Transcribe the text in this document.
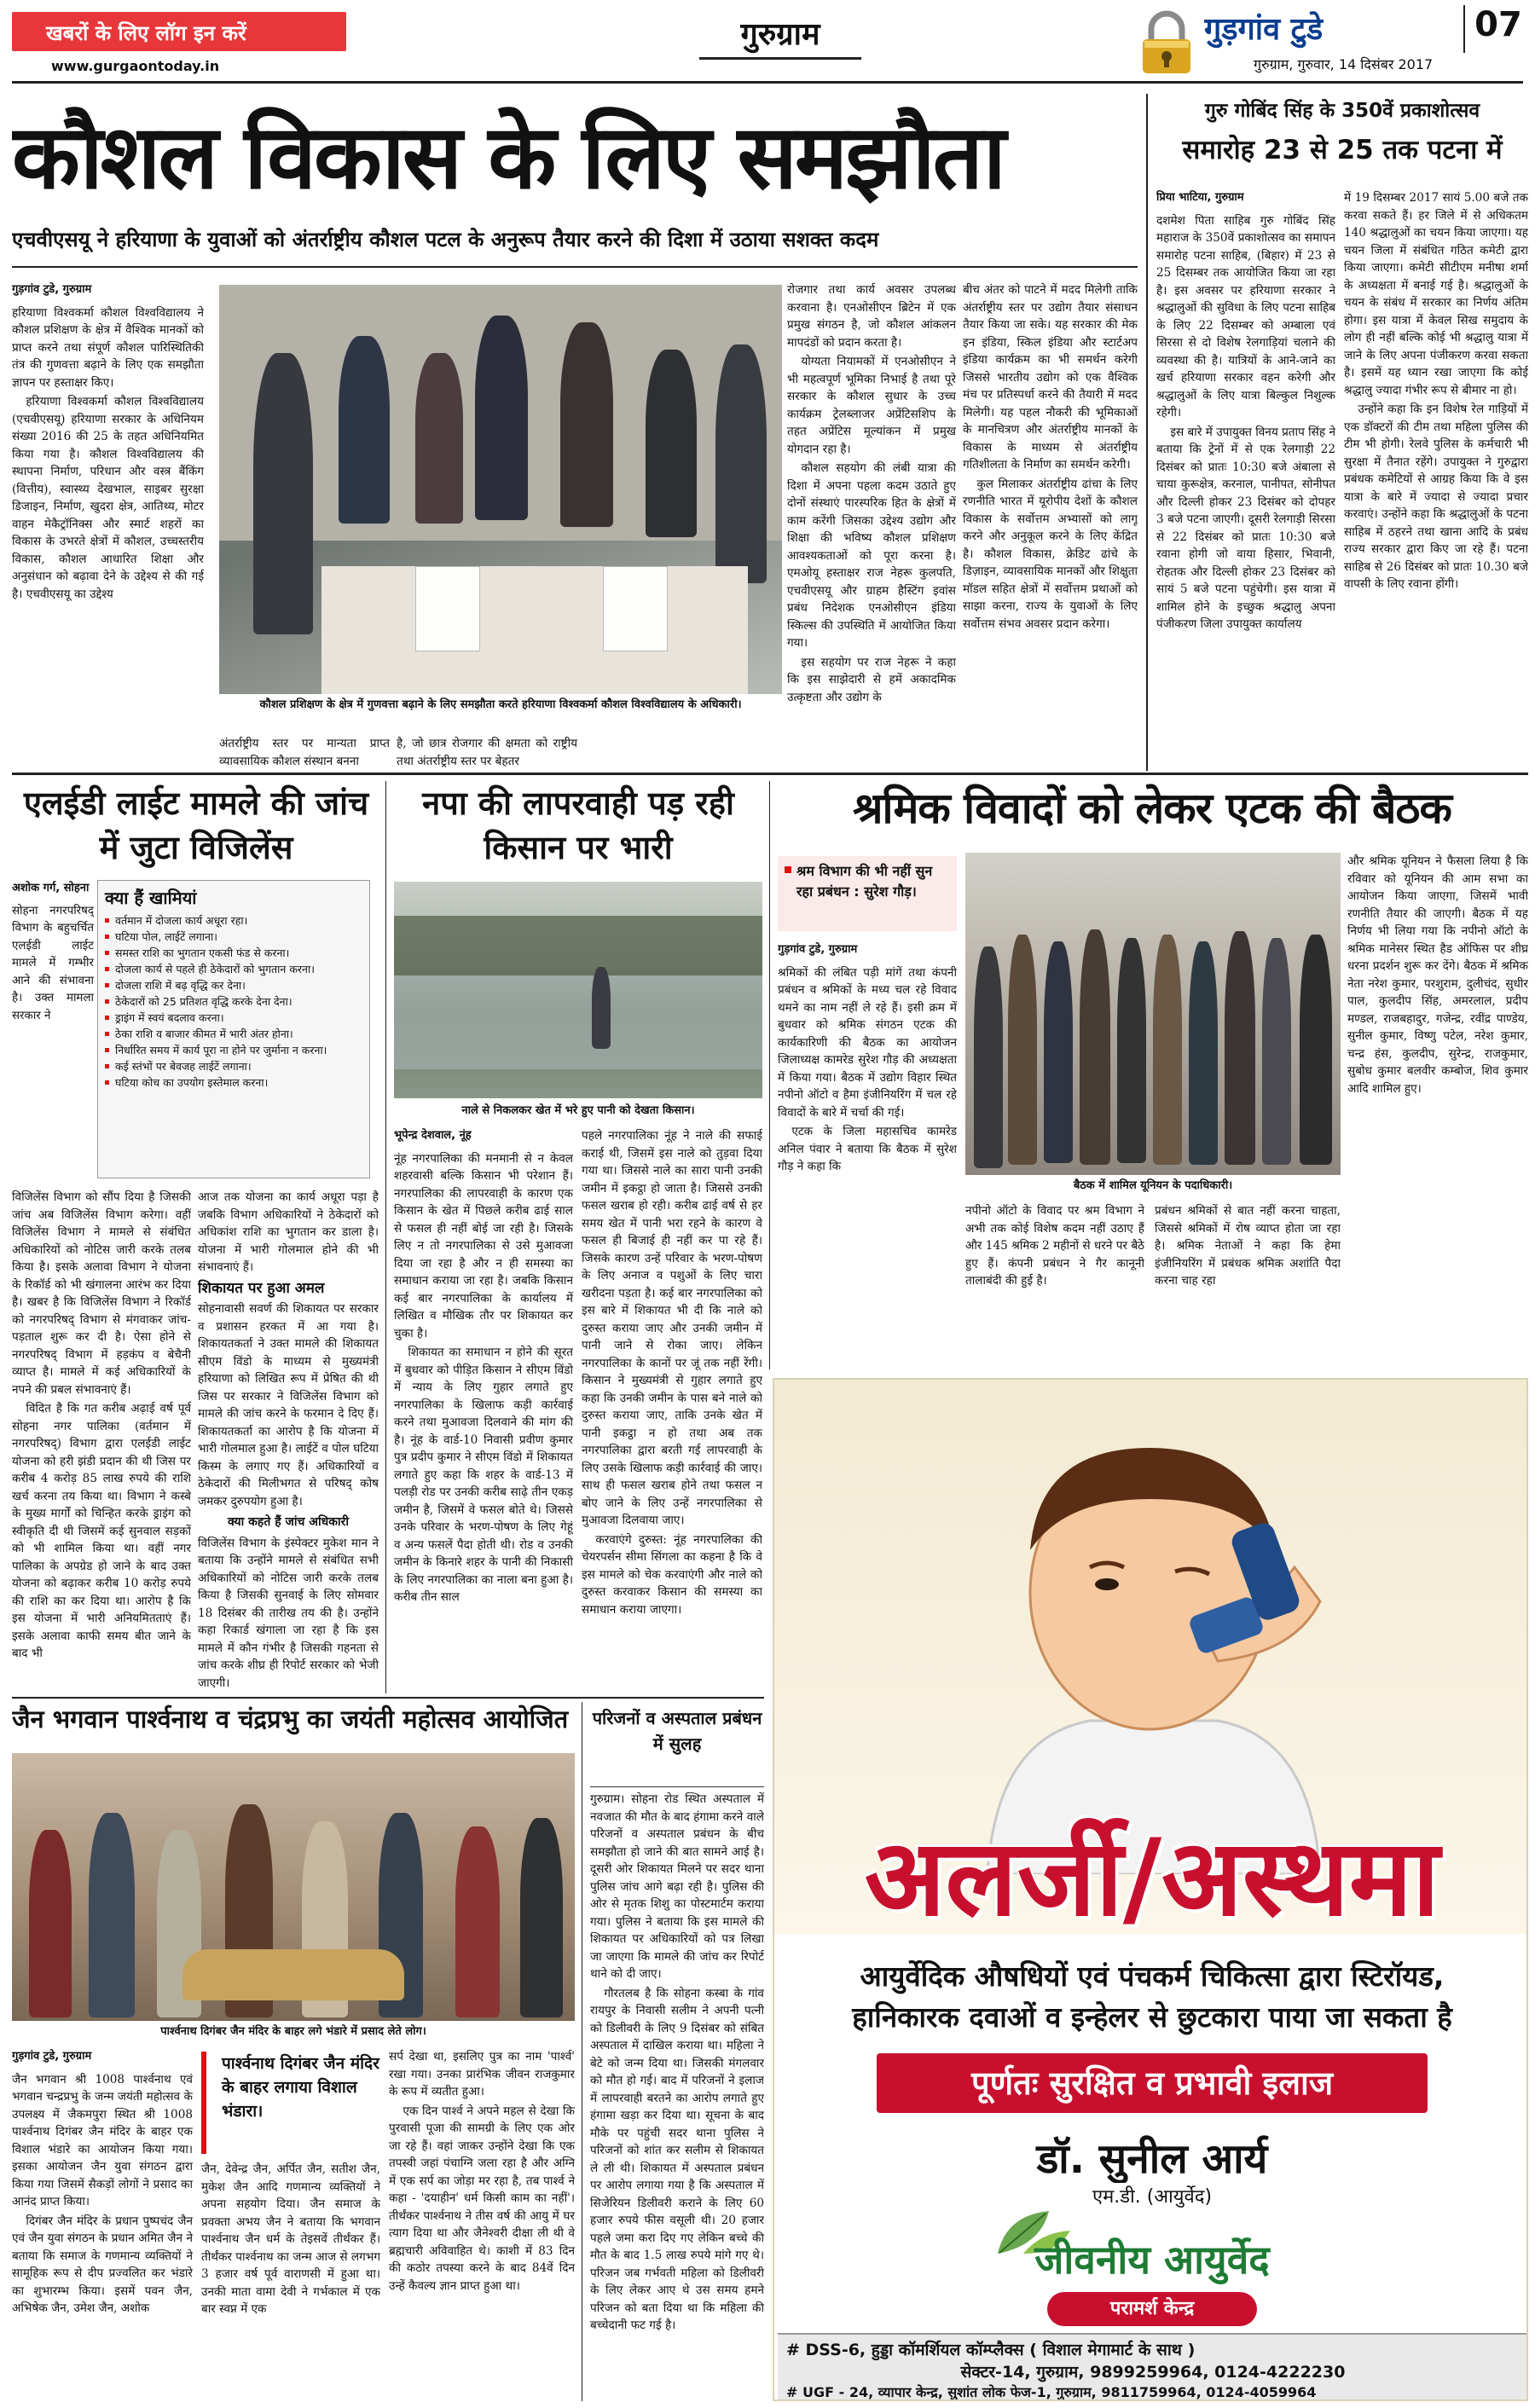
खबरों के लिए लॉग इन करें
www.gurgaontoday.in
गुरुग्राम	गुड़गांव टुडे	07
गुरुग्राम, गुरुवार, 14 दिसंबर 2017
कौशल विकास के लिए समझौता
एचवीएसयू ने हरियाणा के युवाओं को अंतर्राष्ट्रीय कौशल पटल के अनुरूप तैयार करने की दिशा में उठाया सशक्त कदम
गुड़गांव टुडे, गुरुग्राम

हरियाणा विश्वकर्मा कौशल विश्वविद्यालय ने कौशल प्रशिक्षण के क्षेत्र में वैश्विक मानकों को प्राप्त करने तथा संपूर्ण कौशल पारिस्थितिकी तंत्र की गुणवत्ता बढ़ाने के लिए एक समझौता ज्ञापन पर हस्ताक्षर किए।

हरियाणा विश्वकर्मा कौशल विश्वविद्यालय (एचवीएसयू) हरियाणा सरकार के अधिनियम संख्या 2016 की 25 के तहत अधिनियमित किया गया है। कौशल विश्वविद्यालय की स्थापना निर्माण, परिधान और वस्त्र बैंकिंग (वित्तीय), स्वास्थ्य देखभाल, साइबर सुरक्षा डिजाइन, निर्माण, खुदरा क्षेत्र, आतिथ्य, मोटर वाहन मेकैट्रॉनिक्स और स्मार्ट शहरों का विकास के उभरते क्षेत्रों में कौशल, उच्चस्तरीय विकास, कौशल आधारित शिक्षा और अनुसंधान को बढ़ावा देने के उद्देश्य से की गई है। एचवीएसयू का उद्देश्य

कौशल प्रशिक्षण के क्षेत्र में गुणवत्ता बढ़ाने के लिए समझौता करते हरियाणा विश्वकर्मा कौशल विश्वविद्यालय के अधिकारी।

अंतर्राष्ट्रीय स्तर पर मान्यता प्राप्त व्यावसायिक कौशल संस्थान बनना

है, जो छात्र रोजगार की क्षमता को राष्ट्रीय तथा अंतर्राष्ट्रीय स्तर पर बेहतर

रोजगार तथा कार्य अवसर उपलब्ध करवाना है। एनओसीएन ब्रिटेन में एक प्रमुख संगठन है, जो कौशल आंकलन मापदंडों को प्रदान करता है।

योग्यता नियामकों में एनओसीएन ने भी महत्वपूर्ण भूमिका निभाई है तथा पूरे सरकार के कौशल सुधार के उच्च कार्यक्रम ट्रेलब्लाजर अप्रेंटिसशिप के तहत अप्रेंटिस मूल्यांकन में प्रमुख योगदान रहा है।

कौशल सहयोग की लंबी यात्रा की दिशा में अपना पहला कदम उठाते हुए दोनों संस्थाएं पारस्परिक हित के क्षेत्रों में काम करेंगी जिसका उद्देश्य उद्योग और शिक्षा की भविष्य कौशल प्रशिक्षण आवश्यकताओं को पूरा करना है। एमओयू हस्ताक्षर राज नेहरू कुलपति, एचवीएसयू और ग्राहम हैस्टिंग इवांस प्रबंध निदेशक एनओसीएन इंडिया स्किल्स की उपस्थिति में आयोजित किया गया।

इस सहयोग पर राज नेहरू ने कहा कि इस साझेदारी से हमें अकादमिक उत्कृष्टता और उद्योग के

बीच अंतर को पाटने में मदद मिलेगी ताकि अंतर्राष्ट्रीय स्तर पर उद्योग तैयार संसाधन तैयार किया जा सके। यह सरकार की मेक इन इंडिया, स्किल इंडिया और स्टार्टअप इंडिया कार्यक्रम का भी समर्थन करेगी जिससे भारतीय उद्योग को एक वैश्विक मंच पर प्रतिस्पर्धा करने की तैयारी में मदद मिलेगी। यह पहल नौकरी की भूमिकाओं के मानचित्रण और अंतर्राष्ट्रीय मानकों के विकास के माध्यम से अंतर्राष्ट्रीय गतिशीलता के निर्माण का समर्थन करेगी।

कुल मिलाकर अंतर्राष्ट्रीय ढांचा के लिए रणनीति भारत में यूरोपीय देशों के कौशल विकास के सर्वोत्तम अभ्यासों को लागू करने और अनुकूल करने के लिए केंद्रित है। कौशल विकास, क्रेडिट ढांचे के डिज़ाइन, व्यावसायिक मानकों और शिक्षुता मॉडल सहित क्षेत्रों में सर्वोत्तम प्रथाओं को साझा करना, राज्य के युवाओं के लिए सर्वोत्तम संभव अवसर प्रदान करेगा।

गुरु गोबिंद सिंह के 350वें प्रकाशोत्सव
समारोह 23 से 25 तक पटना में
प्रिया भाटिया, गुरुग्राम

दशमेश पिता साहिब गुरु गोबिंद सिंह महाराज के 350वें प्रकाशोत्सव का समापन समारोह पटना साहिब, (बिहार) में 23 से 25 दिसम्बर तक आयोजित किया जा रहा है। इस अवसर पर हरियाणा सरकार ने श्रद्धालुओं की सुविधा के लिए पटना साहिब के लिए 22 दिसम्बर को अम्बाला एवं सिरसा से दो विशेष रेलगाड़ियां चलाने की व्यवस्था की है। यात्रियों के आने-जाने का खर्च हरियाणा सरकार वहन करेगी और श्रद्धालुओं के लिए यात्रा बिल्कुल निशुल्क रहेगी।

इस बारे में उपायुक्त विनय प्रताप सिंह ने बताया कि ट्रेनों में से एक रेलगाड़ी 22 दिसंबर को प्रातः 10:30 बजे अंबाला से चाया कुरूक्षेत्र, करनाल, पानीपत, सोनीपत और दिल्ली होकर 23 दिसंबर को दोपहर 3 बजे पटना जाएगी। दूसरी रेलगाड़ी सिरसा से 22 दिसंबर को प्रातः 10:30 बजे रवाना होगी जो वाया हिसार, भिवानी, रोहतक और दिल्ली होकर 23 दिसंबर को सायं 5 बजे पटना पहुंचेगी। इस यात्रा में शामिल होने के इच्छुक श्रद्धालु अपना पंजीकरण जिला उपायुक्त कार्यालय

में 19 दिसम्बर 2017 सायं 5.00 बजे तक करवा सकते हैं। हर जिले में से अधिकतम 140 श्रद्धालुओं का चयन किया जाएगा। यह चयन जिला में संबंधित गठित कमेटी द्वारा किया जाएगा। कमेटी सीटीएम मनीषा शर्मा के अध्यक्षता में बनाई गई है। श्रद्धालुओं के चयन के संबंध में सरकार का निर्णय अंतिम होगा। इस यात्रा में केवल सिख समुदाय के लोग ही नहीं बल्कि कोई भी श्रद्धालु यात्रा में जाने के लिए अपना पंजीकरण करवा सकता है। इसमें यह ध्यान रखा जाएगा कि कोई श्रद्धालु ज्यादा गंभीर रूप से बीमार ना हो।

उन्होंने कहा कि इन विशेष रेल गाड़ियों में एक डॉक्टरों की टीम तथा महिला पुलिस की टीम भी होगी। रेलवे पुलिस के कर्मचारी भी सुरक्षा में तैनात रहेंगे। उपायुक्त ने गुरुद्वारा प्रबंधक कमेटियों से आग्रह किया कि वे इस यात्रा के बारे में ज्यादा से ज्यादा प्रचार करवाएं। उन्होंने कहा कि श्रद्धालुओं के पटना साहिब में ठहरने तथा खाना आदि के प्रबंध राज्य सरकार द्वारा किए जा रहे हैं। पटना साहिब से 26 दिसंबर को प्रातः 10.30 बजे वापसी के लिए रवाना होंगी।

एलईडी लाईट मामले की जांच में जुटा विजिलेंस
अशोक गर्ग, सोहना

सोहना नगरपरिषद् विभाग के बहुचर्चित एलईडी लाईट मामले में गम्भीर आने की संभावना है। उक्त मामला सरकार ने

क्या हैं खामियां
वर्तमान में दोजला कार्य अधूरा रहा।
घटिया पोल, लाईटें लगाना।
समस्त राशि का भुगतान एकसी फंड से करना।
दोजला कार्य से पहले ही ठेकेदारों को भुगतान करना।
दोजला राशि में बढ़ वृद्धि कर देना।
ठेकेदारों को 25 प्रतिशत वृद्धि करके देना देना।
ड्राइंग में स्वयं बदलाव करना।
ठेका राशि व बाजार कीमत में भारी अंतर होना।
निर्धारित समय में कार्य पूरा ना होने पर जुर्माना न करना।
कई स्तंभों पर बेवजह लाईटें लगाना।
घटिया कोच का उपयोग इस्तेमाल करना।

विजिलेंस विभाग को सौंप दिया है जिसकी जांच अब विजिलेंस विभाग करेगा। वहीं विजिलेंस विभाग ने मामले से संबंधित अधिकारियों को नोटिस जारी करके तलब किया है। इसके अलावा विभाग ने योजना के रिकॉर्ड को भी खंगालना आरंभ कर दिया है। खबर है कि विजिलेंस विभाग ने रिकॉर्ड को नगरपरिषद् विभाग से मंगवाकर जांच-पड़ताल शुरू कर दी है। ऐसा होने से नगरपरिषद् विभाग में हड़कंप व बेचैनी व्याप्त है। मामले में कई अधिकारियों के नपने की प्रबल संभावनाएं हैं।

विदित है कि गत करीब अढ़ाई वर्ष पूर्व सोहना नगर पालिका (वर्तमान में नगरपरिषद्) विभाग द्वारा एलईडी लाईट योजना को हरी झंडी प्रदान की थी जिस पर करीब 4 करोड़ 85 लाख रुपये की राशि खर्च करना तय किया था। विभाग ने कस्बे के मुख्य मार्गों को चिन्हित करके ड्राइंग को स्वीकृति दी थी जिसमें कई सुनवाल सड़कों को भी शामिल किया था। वहीं नगर पालिका के अपग्रेड हो जाने के बाद उक्त योजना को बढ़ाकर करीब 10 करोड़ रुपये की राशि का कर दिया था। आरोप है कि इस योजना में भारी अनियमितताएं हैं। इसके अलावा काफी समय बीत जाने के बाद भी

आज तक योजना का कार्य अधूरा पड़ा है जबकि विभाग अधिकारियों ने ठेकेदारों को अधिकांश राशि का भुगतान कर डाला है। योजना में भारी गोलमाल होने की भी संभावनाएं हैं।

शिकायत पर हुआ अमल

सोहनावासी सवर्ण की शिकायत पर सरकार व प्रशासन हरकत में आ गया है। शिकायतकर्ता ने उक्त मामले की शिकायत सीएम विंडो के माध्यम से मुख्यमंत्री हरियाणा को लिखित रूप में प्रेषित की थी जिस पर सरकार ने विजिलेंस विभाग को मामले की जांच करने के फरमान दे दिए हैं। शिकायतकर्ता का आरोप है कि योजना में भारी गोलमाल हुआ है। लाईटें व पोल घटिया किस्म के लगाए गए हैं। अधिकारियों व ठेकेदारों की मिलीभगत से परिषद् कोष जमकर दुरुपयोग हुआ है।

क्या कहते हैं जांच अधिकारी

विजिलेंस विभाग के इंस्पेक्टर मुकेश मान ने बताया कि उन्होंने मामले से संबंधित सभी अधिकारियों को नोटिस जारी करके तलब किया है जिसकी सुनवाई के लिए सोमवार 18 दिसंबर की तारीख तय की है। उन्होंने कहा रिकार्ड खंगाला जा रहा है कि इस मामले में कौन गंभीर है जिसकी गहनता से जांच करके शीघ्र ही रिपोर्ट सरकार को भेजी जाएगी।

नपा की लापरवाही पड़ रही किसान पर भारी
नाले से निकलकर खेत में भरे हुए पानी को देखता किसान।
भूपेन्द्र देशवाल, नूंह

नूंह नगरपालिका की मनमानी से न केवल शहरवासी बल्कि किसान भी परेशान हैं। नगरपालिका की लापरवाही के कारण एक किसान के खेत में पिछले करीब ढाई साल से फसल ही नहीं बोई जा रही है। जिसके लिए न तो नगरपालिका से उसे मुआवजा दिया जा रहा है और न ही समस्या का समाधान कराया जा रहा है। जबकि किसान कई बार नगरपालिका के कार्यालय में लिखित व मौखिक तौर पर शिकायत कर चुका है।

शिकायत का समाधान न होने की सूरत में बुधवार को पीड़ित किसान ने सीएम विंडो में न्याय के लिए गुहार लगाते हुए नगरपालिका के खिलाफ कड़ी कार्रवाई करने तथा मुआवजा दिलवाने की मांग की है। नूंह के वार्ड-10 निवासी प्रवीण कुमार पुत्र प्रदीप कुमार ने सीएम विंडो में शिकायत लगाते हुए कहा कि शहर के वार्ड-13 में पलड़ी रोड पर उनकी करीब साढ़े तीन एकड़ जमीन है, जिसमें वे फसल बोते थे। जिससे उनके परिवार के भरण-पोषण के लिए गेहूं व अन्य फसलें पैदा होती थी। रोड व उनकी जमीन के किनारे शहर के पानी की निकासी के लिए नगरपालिका का नाला बना हुआ है। करीब तीन साल

पहले नगरपालिका नूंह ने नाले की सफाई कराई थी, जिसमें इस नाले को तुड़वा दिया गया था। जिससे नाले का सारा पानी उनकी जमीन में इकट्ठा हो जाता है। जिससे उनकी फसल खराब हो रही। करीब ढाई वर्ष से हर समय खेत में पानी भरा रहने के कारण वे फसल ही बिजाई ही नहीं कर पा रहे हैं। जिसके कारण उन्हें परिवार के भरण-पोषण के लिए अनाज व पशुओं के लिए चारा खरीदना पड़ता है। कई बार नगरपालिका को इस बारे में शिकायत भी दी कि नाले को दुरुस्त कराया जाए और उनकी जमीन में पानी जाने से रोका जाए। लेकिन नगरपालिका के कानों पर जूं तक नहीं रेंगी। किसान ने मुख्यमंत्री से गुहार लगाते हुए कहा कि उनकी जमीन के पास बने नाले को दुरुस्त कराया जाए, ताकि उनके खेत में पानी इकट्ठा न हो तथा अब तक नगरपालिका द्वारा बरती गई लापरवाही के लिए उसके खिलाफ कड़ी कार्रवाई की जाए। साथ ही फसल खराब होने तथा फसल न बोए जाने के लिए उन्हें नगरपालिका से मुआवजा दिलवाया जाए।

करवाएंगे दुरुस्त: नूंह नगरपालिका की चेयरपर्सन सीमा सिंगला का कहना है कि वे इस मामले को चेक करवाएंगी और नाले को दुरुस्त करवाकर किसान की समस्या का समाधान कराया जाएगा।

श्रमिक विवादों को लेकर एटक की बैठक
श्रम विभाग की भी नहीं सुन रहा प्रबंधन : सुरेश गौड़।
गुड़गांव टुडे, गुरुग्राम

श्रमिकों की लंबित पड़ी मांगें तथा कंपनी प्रबंधन व श्रमिकों के मध्य चल रहे विवाद थमने का नाम नहीं ले रहे हैं। इसी क्रम में बुधवार को श्रमिक संगठन एटक की कार्यकारिणी की बैठक का आयोजन जिलाध्यक्ष कामरेड सुरेश गौड़ की अध्यक्षता में किया गया। बैठक में उद्योग विहार स्थित नपीनो ऑटो व हैमा इंजीनियरिंग में चल रहे विवादों के बारे में चर्चा की गई।

एटक के जिला महासचिव कामरेड अनिल पंवार ने बताया कि बैठक में सुरेश गौड़ ने कहा कि

बैठक में शामिल यूनियन के पदाधिकारी।

नपीनो ऑटो के विवाद पर श्रम विभाग ने अभी तक कोई विशेष कदम नहीं उठाए हैं और 145 श्रमिक 2 महीनों से धरने पर बैठे हुए हैं। कंपनी प्रबंधन ने गैर कानूनी तालाबंदी की हुई है।

प्रबंधन श्रमिकों से बात नहीं करना चाहता, जिससे श्रमिकों में रोष व्याप्त होता जा रहा है। श्रमिक नेताओं ने कहा कि हेमा इंजीनियरिंग में प्रबंधक श्रमिक अशांति पैदा करना चाह रहा

और श्रमिक यूनियन ने फैसला लिया है कि रविवार को यूनियन की आम सभा का आयोजन किया जाएगा, जिसमें भावी रणनीति तैयार की जाएगी। बैठक में यह निर्णय भी लिया गया कि नपीनो ऑटो के श्रमिक मानेसर स्थित हैड ऑफिस पर शीघ्र धरना प्रदर्शन शुरू कर देंगे। बैठक में श्रमिक नेता नरेश कुमार, परशुराम, दुलीचंद, सुधीर पाल, कुलदीप सिंह, अमरलाल, प्रदीप मण्डल, राजबहादुर, गजेन्द्र, रवींद्र पाण्डेय, सुनील कुमार, विष्णु पटेल, नरेश कुमार, चन्द्र हंस, कुलदीप, सुरेन्द्र, राजकुमार, सुबोध कुमार बलवीर कम्बोज, शिव कुमार आदि शामिल हुए।

अलर्जी/अस्थमा
आयुर्वेदिक औषधियों एवं पंचकर्म चिकित्सा द्वारा स्टिरॉयड,
हानिकारक दवाओं व इन्हेलर से छुटकारा पाया जा सकता है
पूर्णतः सुरक्षित व प्रभावी इलाज
डॉ. सुनील आर्य
एम.डी. (आयुर्वेद)
जीवनीय आयुर्वेद
परामर्श केन्द्र
# DSS-6, हुड्डा कॉमर्शियल कॉम्प्लैक्स ( विशाल मेगामार्ट के साथ )
सेक्टर-14, गुरुग्राम, 9899259964, 0124-4222230
# UGF - 24, व्यापार केन्द्र, सुशांत लोक फेज-1, गुरुग्राम, 9811759964, 0124-4059964
जैन भगवान पार्श्वनाथ व चंद्रप्रभु का जयंती महोत्सव आयोजित
पार्श्वनाथ दिगंबर जैन मंदिर के बाहर लगे भंडारे में प्रसाद लेते लोग।
गुड़गांव टुडे, गुरुग्राम

जैन भगवान श्री 1008 पार्श्वनाथ एवं भगवान चन्द्रप्रभु के जन्म जयंती महोत्सव के उपलक्ष्य में जैकमपुरा स्थित श्री 1008 पार्श्वनाथ दिगंबर जैन मंदिर के बाहर एक विशाल भंडारे का आयोजन किया गया। इसका आयोजन जैन युवा संगठन द्वारा किया गया जिसमें सैकड़ों लोगों ने प्रसाद का आनंद प्राप्त किया।

दिगंबर जैन मंदिर के प्रधान पुष्पचंद जैन एवं जैन युवा संगठन के प्रधान अमित जैन ने बताया कि समाज के गणमान्य व्यक्तियों ने सामूहिक रूप से दीप प्रज्वलित कर भंडारे का शुभारम्भ किया। इसमें पवन जैन, अभिषेक जैन, उमेश जैन, अशोक

पार्श्वनाथ दिगंबर जैन मंदिर के बाहर लगाया विशाल भंडारा।

जैन, देवेन्द्र जैन, अर्पित जैन, सतीश जैन, मुकेश जैन आदि गणमान्य व्यक्तियों ने अपना सहयोग दिया। जैन समाज के प्रवक्ता अभय जैन ने बताया कि भगवान पार्श्वनाथ जैन धर्म के तेइसवें तीर्थंकर हैं। तीर्थंकर पार्श्वनाथ का जन्म आज से लगभग 3 हजार वर्ष पूर्व वाराणसी में हुआ था। उनकी माता वामा देवी ने गर्भकाल में एक बार स्वप्न में एक

सर्प देखा था, इसलिए पुत्र का नाम 'पार्श्व' रखा गया। उनका प्रारंभिक जीवन राजकुमार के रूप में व्यतीत हुआ।

एक दिन पार्श्व ने अपने महल से देखा कि पुरवासी पूजा की सामग्री के लिए एक ओर जा रहे हैं। वहां जाकर उन्होंने देखा कि एक तपस्वी जहां पंचाग्नि जला रहा है और अग्नि में एक सर्प का जोड़ा मर रहा है, तब पार्श्व ने कहा - 'दयाहीन' धर्म किसी काम का नहीं'। तीर्थंकर पार्श्वनाथ ने तीस वर्ष की आयु में घर त्याग दिया था और जैनेश्वरी दीक्षा ली थी वे ब्रह्मचारी अविवाहित थे। काशी में 83 दिन की कठोर तपस्या करने के बाद 84वें दिन उन्हें कैवल्य ज्ञान प्राप्त हुआ था।

परिजनों व अस्पताल प्रबंधन में सुलह

गुरुग्राम। सोहना रोड स्थित अस्पताल में नवजात की मौत के बाद हंगामा करने वाले परिजनों व अस्पताल प्रबंधन के बीच समझौता हो जाने की बात सामने आई है। दूसरी ओर शिकायत मिलने पर सदर थाना पुलिस जांच आगे बढ़ा रही है। पुलिस की ओर से मृतक शिशु का पोस्टमार्टम कराया गया। पुलिस ने बताया कि इस मामले की शिकायत पर अधिकारियों को पत्र लिखा जा जाएगा कि मामले की जांच कर रिपोर्ट थाने को दी जाए।

गौरतलब है कि सोहना कस्बा के गांव रायपुर के निवासी सलीम ने अपनी पत्नी को डिलीवरी के लिए 9 दिसंबर को संबित अस्पताल में दाखिल कराया था। महिला ने बेटे को जन्म दिया था। जिसकी मंगलवार को मौत हो गई। बाद में परिजनों ने इलाज में लापरवाही बरतने का आरोप लगाते हुए हंगामा खड़ा कर दिया था। सूचना के बाद मौके पर पहुंची सदर थाना पुलिस ने परिजनों को शांत कर सलीम से शिकायत ले ली थी। शिकायत में अस्पताल प्रबंधन पर आरोप लगाया गया है कि अस्पताल में सिजेरियन डिलीवरी कराने के लिए 60 हजार रुपये फीस वसूली थी। 20 हजार पहले जमा करा दिए गए लेकिन बच्चे की मौत के बाद 1.5 लाख रुपये मांगे गए थे। परिजन जब गर्भवती महिला को डिलीवरी के लिए लेकर आए थे उस समय हमने परिजन को बता दिया था कि महिला की बच्चेदानी फट गई है।
